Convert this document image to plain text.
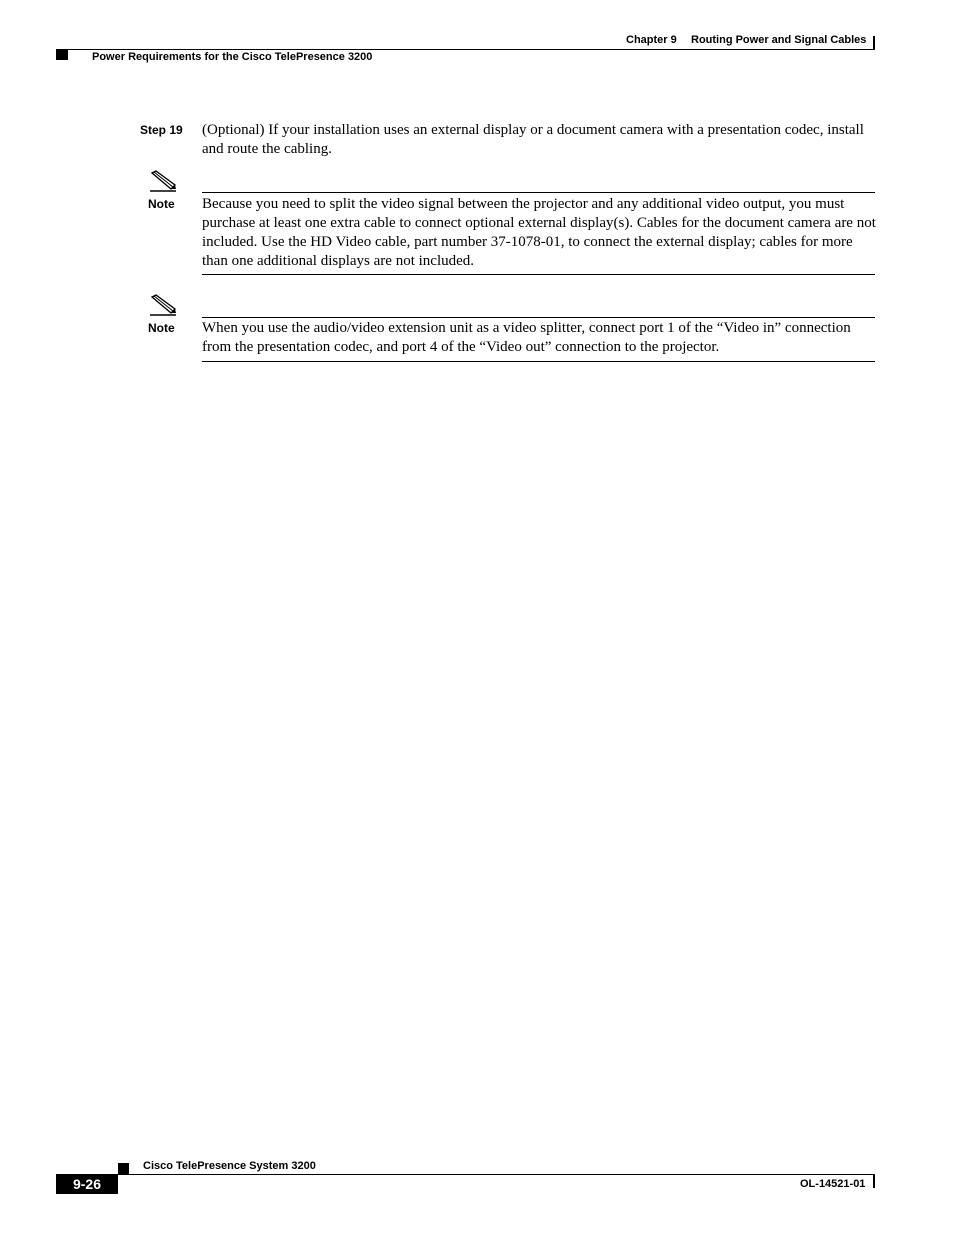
Chapter 9 Routing Power and Signal Cables
Power Requirements for the Cisco TelePresence 3200
Step 19 (Optional) If your installation uses an external display or a document camera with a presentation codec, install and route the cabling.
Note Because you need to split the video signal between the projector and any additional video output, you must purchase at least one extra cable to connect optional external display(s). Cables for the document camera are not included. Use the HD Video cable, part number 37-1078-01, to connect the external display; cables for more than one additional displays are not included.
Note When you use the audio/video extension unit as a video splitter, connect port 1 of the “Video in” connection from the presentation codec, and port 4 of the “Video out” connection to the projector.
Cisco TelePresence System 3200
9-26	OL-14521-01
